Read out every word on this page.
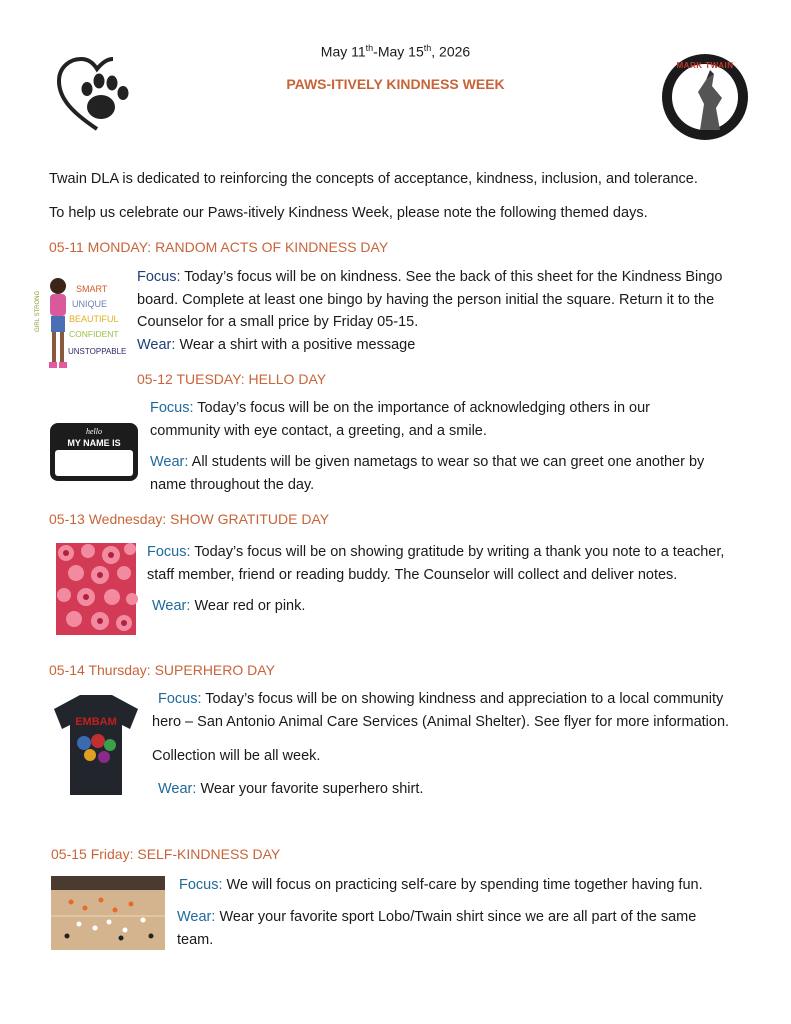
May 11th-May 15th, 2026
PAWS-ITIVELY KINDNESS WEEK
MARK TWAIN
Twain DLA is dedicated to reinforcing the concepts of acceptance, kindness, inclusion, and tolerance.
To help us celebrate our Paws-itively Kindness Week, please note the following themed days.
05-11 MONDAY: RANDOM ACTS OF KINDNESS DAY
GIRL STRONG
SMART
UNIQUE
BEAUTIFUL
CONFIDENT
UNSTOPPABLE
Focus: Today’s focus will be on kindness. See the back of this sheet for the Kindness Bingo
board. Complete at least one bingo by having the person initial the square. Return it to the
Counselor for a small price by Friday 05-15.
Wear: Wear a shirt with a positive message
05-12 TUESDAY: HELLO DAY
hello
MY NAME IS
Focus: Today’s focus will be on the importance of acknowledging others in our
community with eye contact, a greeting, and a smile.
Wear: All students will be given nametags to wear so that we can greet one another by
name throughout the day.
05-13 Wednesday: SHOW GRATITUDE DAY
Focus: Today’s focus will be on showing gratitude by writing a thank you note to a teacher,
staff member, friend or reading buddy. The Counselor will collect and deliver notes.
Wear: Wear red or pink.
05-14 Thursday: SUPERHERO DAY
EMBAM
Focus: Today’s focus will be on showing kindness and appreciation to a local community
hero – San Antonio Animal Care Services (Animal Shelter). See flyer for more information.
Collection will be all week.
Wear: Wear your favorite superhero shirt.
05-15 Friday: SELF-KINDNESS DAY
Focus: We will focus on practicing self-care by spending time together having fun.
Wear: Wear your favorite sport Lobo/Twain shirt since we are all part of the same
team.
